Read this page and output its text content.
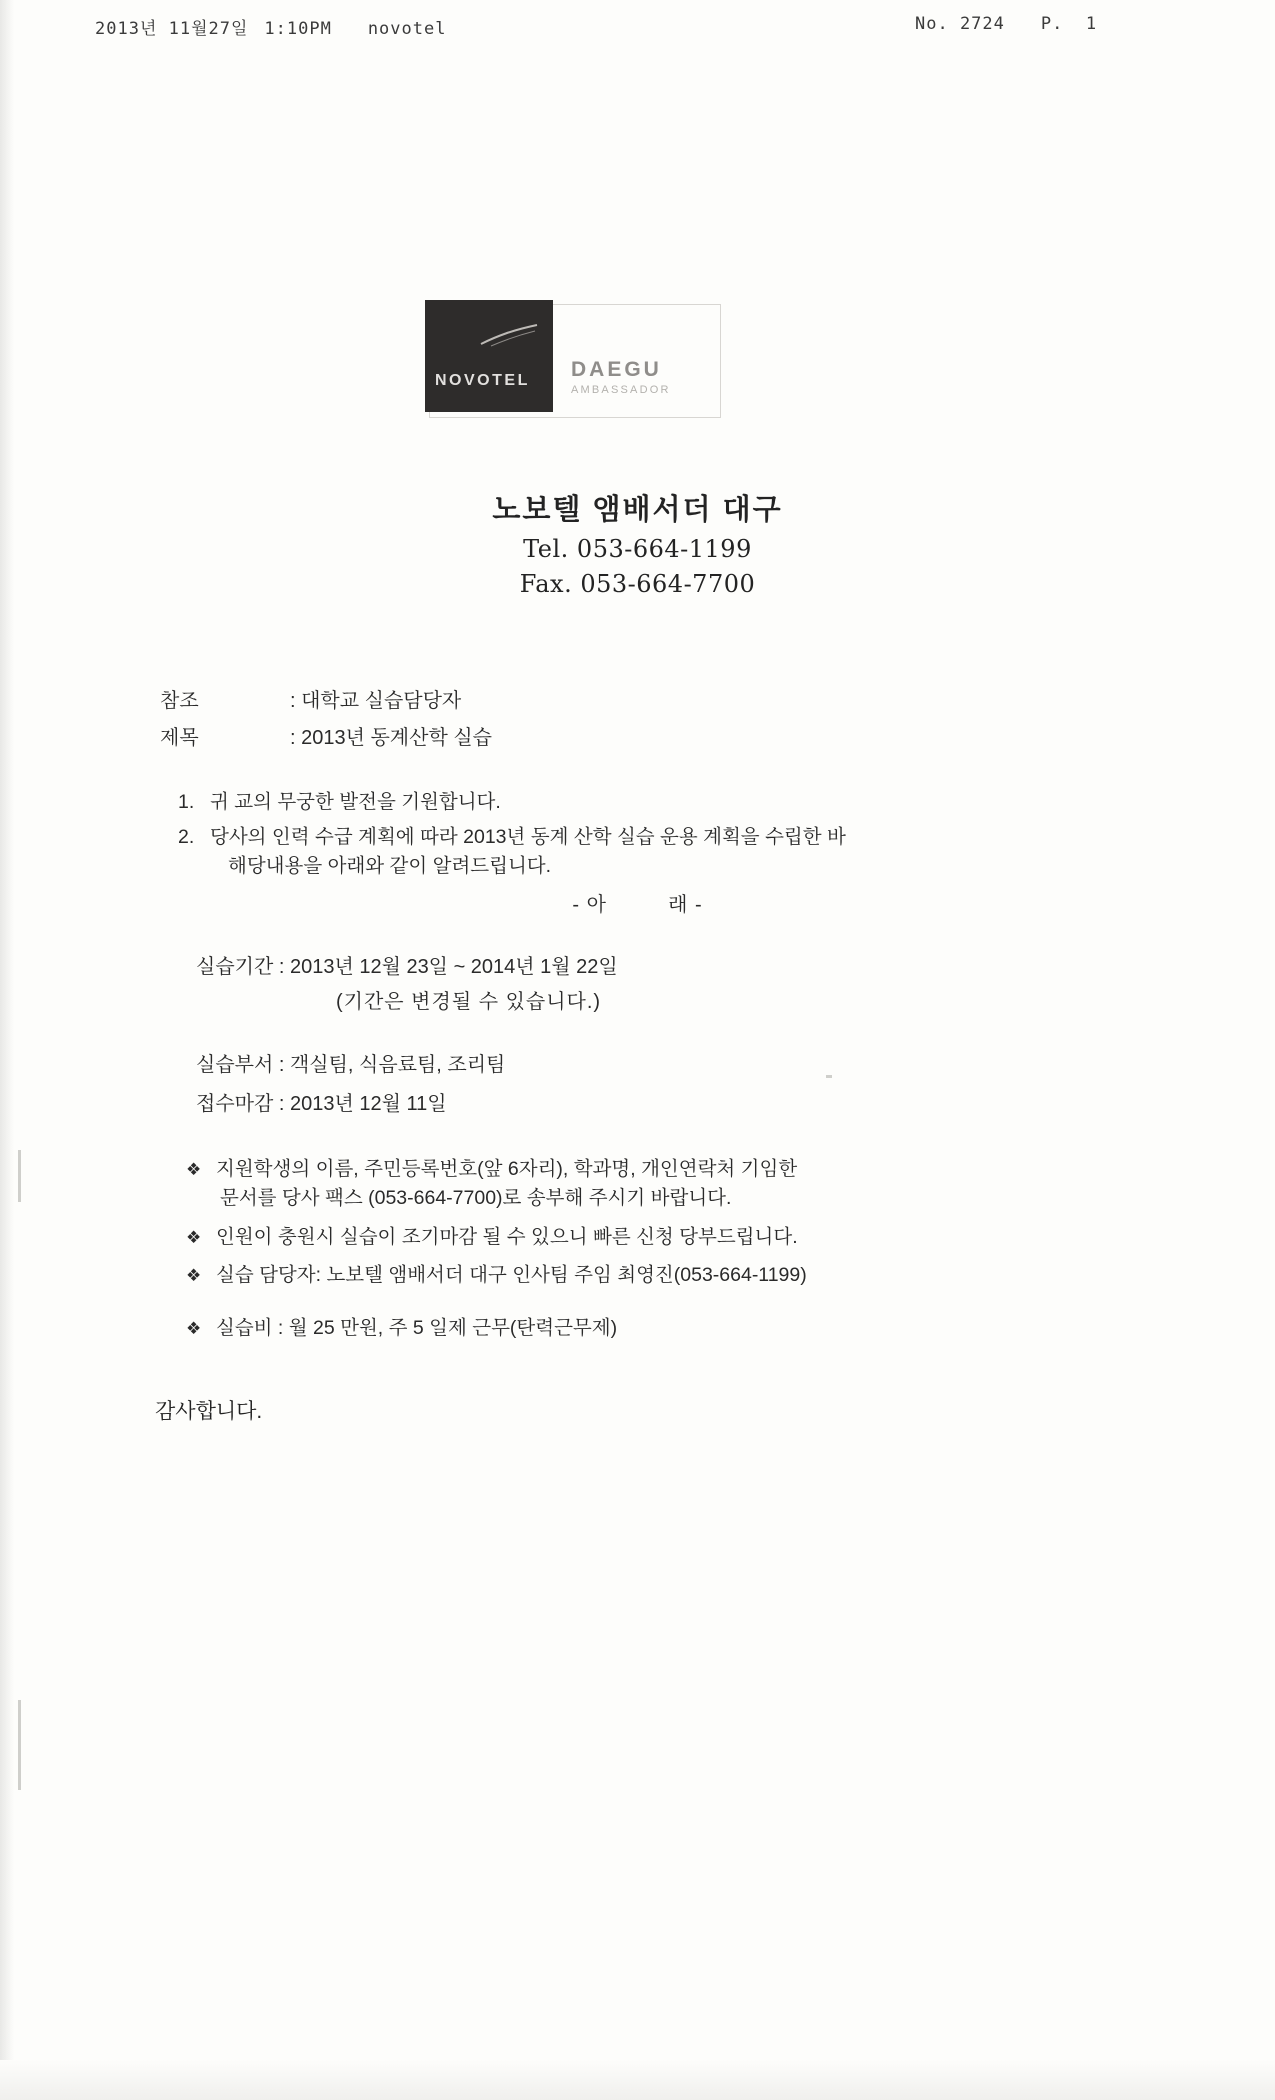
2013년 11월27일 1:10PM novotel	No. 2724 P.  1
NOVOTEL DAEGU
AMBASSADOR
노보텔 앰배서더 대구
Tel. 053-664-1199
Fax. 053-664-7700
참조	: 대학교 실습담당자
제목	: 2013년 동계산학 실습
1. 귀 교의 무궁한 발전을 기원합니다.
2. 당사의 인력 수급 계획에 따라 2013년 동계 산학 실습 운용 계획을 수립한 바
해당내용을 아래와 같이 알려드립니다.
- 아	래 -
실습기간 : 2013년 12월 23일 ~ 2014년 1월 22일
(기간은 변경될 수 있습니다.)
실습부서 : 객실팀, 식음료팀, 조리팀
접수마감 : 2013년 12월 11일
❖ 지원학생의 이름, 주민등록번호(앞 6자리), 학과명, 개인연락처 기임한
문서를 당사 팩스 (053-664-7700)로 송부해 주시기 바랍니다.
❖ 인원이 충원시 실습이 조기마감 될 수 있으니 빠른 신청 당부드립니다.
❖ 실습 담당자: 노보텔 앰배서더 대구 인사팀 주임 최영진(053-664-1199)
❖ 실습비 : 월 25 만원, 주 5 일제 근무(탄력근무제)
감사합니다.
